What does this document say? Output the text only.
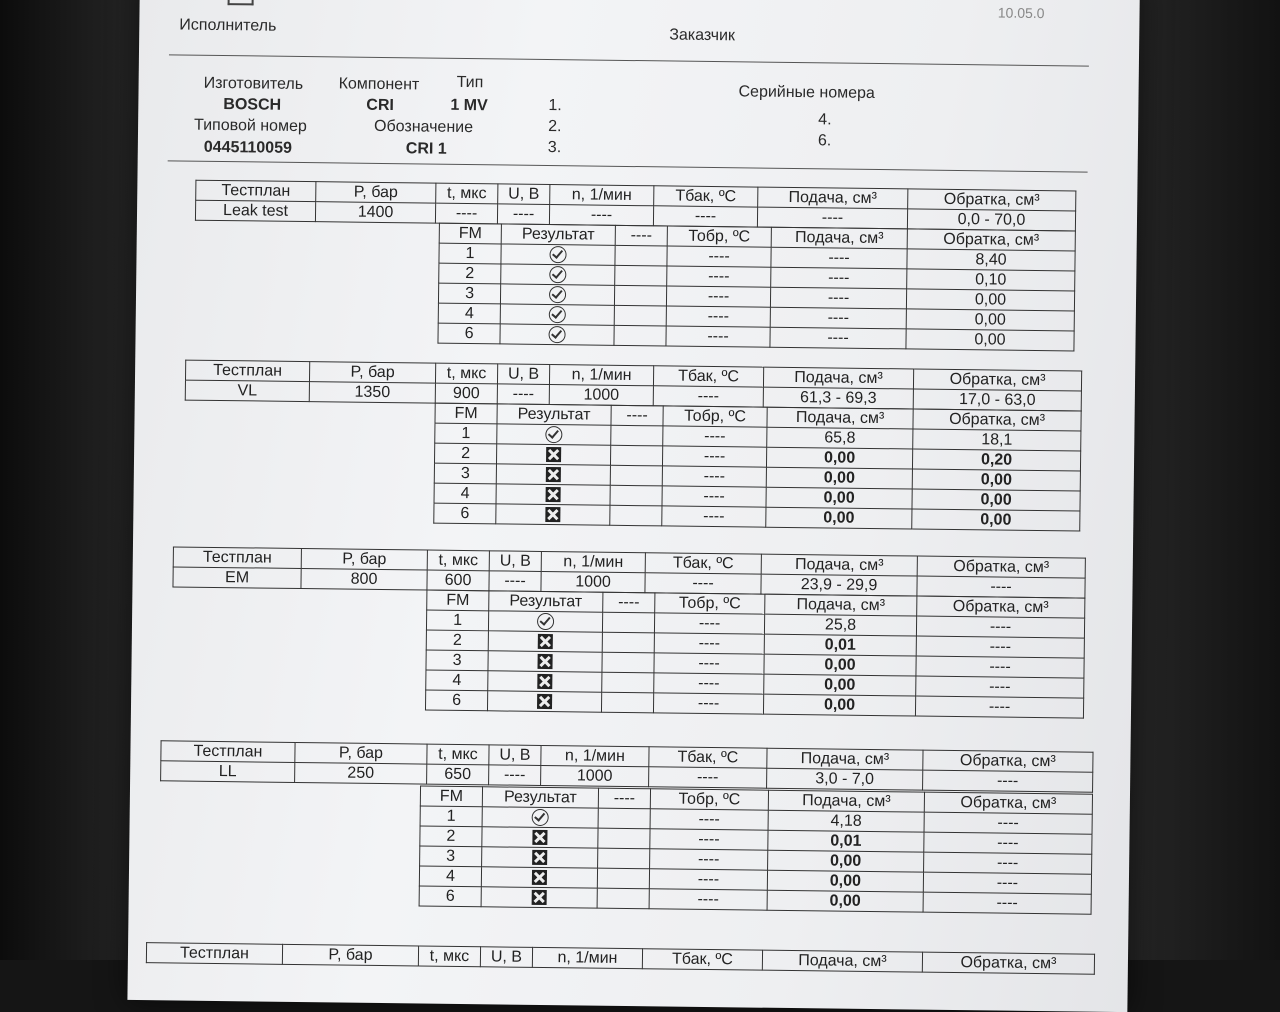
10.05.0
Исполнитель
Заказчик
Изготовитель
BOSCH
Компонент
CRI
Тип
1 MV
Типовой номер
0445110059
Обозначение
CRI 1
Серийные номера
1.
2.
3.
4.
6.
Тестплан	P, бар	t, мкс	U, B	n, 1/мин	Тбак, ºC	Подача, см³	Обратка, см³
Leak test	1400	----	----	----	----	----	0,0 - 70,0
FM	Результат	----	Тобр, ºC	Подача, см³	Обратка, см³
1			----	----	8,40
2			----	----	0,10
3			----	----	0,00
4			----	----	0,00
6			----	----	0,00
Тестплан	P, бар	t, мкс	U, B	n, 1/мин	Тбак, ºC	Подача, см³	Обратка, см³
VL	1350	900	----	1000	----	61,3 - 69,3	17,0 - 63,0
FM	Результат	----	Тобр, ºC	Подача, см³	Обратка, см³
1			----	65,8	18,1
2			----	0,00	0,20
3			----	0,00	0,00
4			----	0,00	0,00
6			----	0,00	0,00
Тестплан	P, бар	t, мкс	U, B	n, 1/мин	Тбак, ºC	Подача, см³	Обратка, см³
EM	800	600	----	1000	----	23,9 - 29,9	----
FM	Результат	----	Тобр, ºC	Подача, см³	Обратка, см³
1			----	25,8	----
2			----	0,01	----
3			----	0,00	----
4			----	0,00	----
6			----	0,00	----
Тестплан	P, бар	t, мкс	U, B	n, 1/мин	Тбак, ºC	Подача, см³	Обратка, см³
LL	250	650	----	1000	----	3,0 - 7,0	----
FM	Результат	----	Тобр, ºC	Подача, см³	Обратка, см³
1			----	4,18	----
2			----	0,01	----
3			----	0,00	----
4			----	0,00	----
6			----	0,00	----
Тестплан	P, бар	t, мкс	U, B	n, 1/мин	Тбак, ºC	Подача, см³	Обратка, см³
